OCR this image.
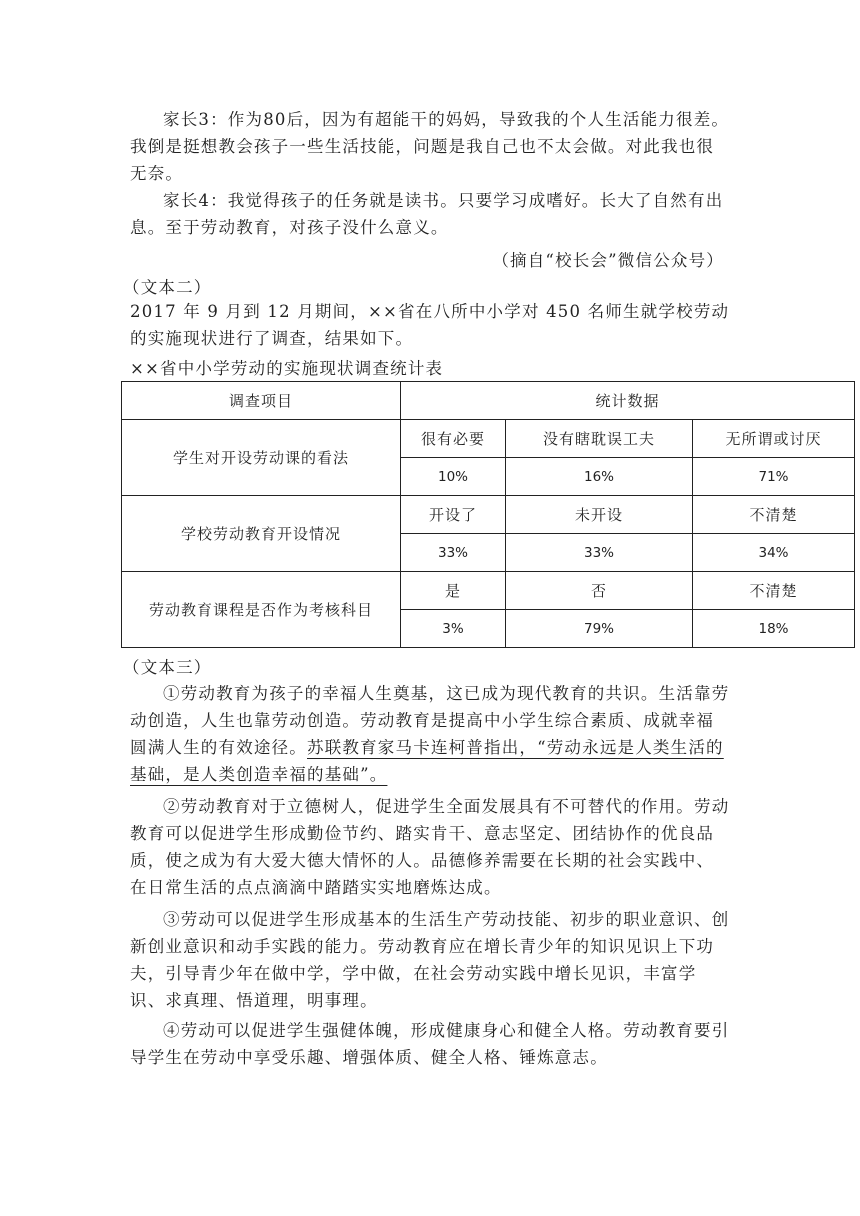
家长3：作为80后，因为有超能干的妈妈，导致我的个人生活能力很差。我倒是挺想教会孩子一些生活技能，问题是我自己也不太会做。对此我也很无奈。

家长4：我觉得孩子的任务就是读书。只要学习成嗜好。长大了自然有出息。至于劳动教育，对孩子没什么意义。

（摘自“校长会”微信公众号）
（文本二）

2017 年 9 月到 12 月期间，××省在八所中小学对 450 名师生就学校劳动的实施现状进行了调查，结果如下。

××省中小学劳动的实施现状调查统计表
调查项目	统计数据		
学生对开设劳动课的看法	很有必要	没有瞎耽误工夫	无所谓或讨厌
	10%	16%	71%
学校劳动教育开设情况	开设了	未开设	不清楚
	33%	33%	34%
劳动教育课程是否作为考核科目	是	否	不清楚
	3%	79%	18%
（文本三）

①劳动教育为孩子的幸福人生奠基，这已成为现代教育的共识。生活靠劳动创造，人生也靠劳动创造。劳动教育是提高中小学生综合素质、成就幸福圆满人生的有效途径。苏联教育家马卡连柯普指出，“劳动永远是人类生活的基础，是人类创造幸福的基础”。

②劳动教育对于立德树人，促进学生全面发展具有不可替代的作用。劳动教育可以促进学生形成勤俭节约、踏实肯干、意志坚定、团结协作的优良品质，使之成为有大爱大德大情怀的人。品德修养需要在长期的社会实践中、在日常生活的点点滴滴中踏踏实实地磨炼达成。

③劳动可以促进学生形成基本的生活生产劳动技能、初步的职业意识、创新创业意识和动手实践的能力。劳动教育应在增长青少年的知识见识上下功夫，引导青少年在做中学，学中做，在社会劳动实践中增长见识，丰富学识、求真理、悟道理，明事理。

④劳动可以促进学生强健体魄，形成健康身心和健全人格。劳动教育要引导学生在劳动中享受乐趣、增强体质、健全人格、锤炼意志。
